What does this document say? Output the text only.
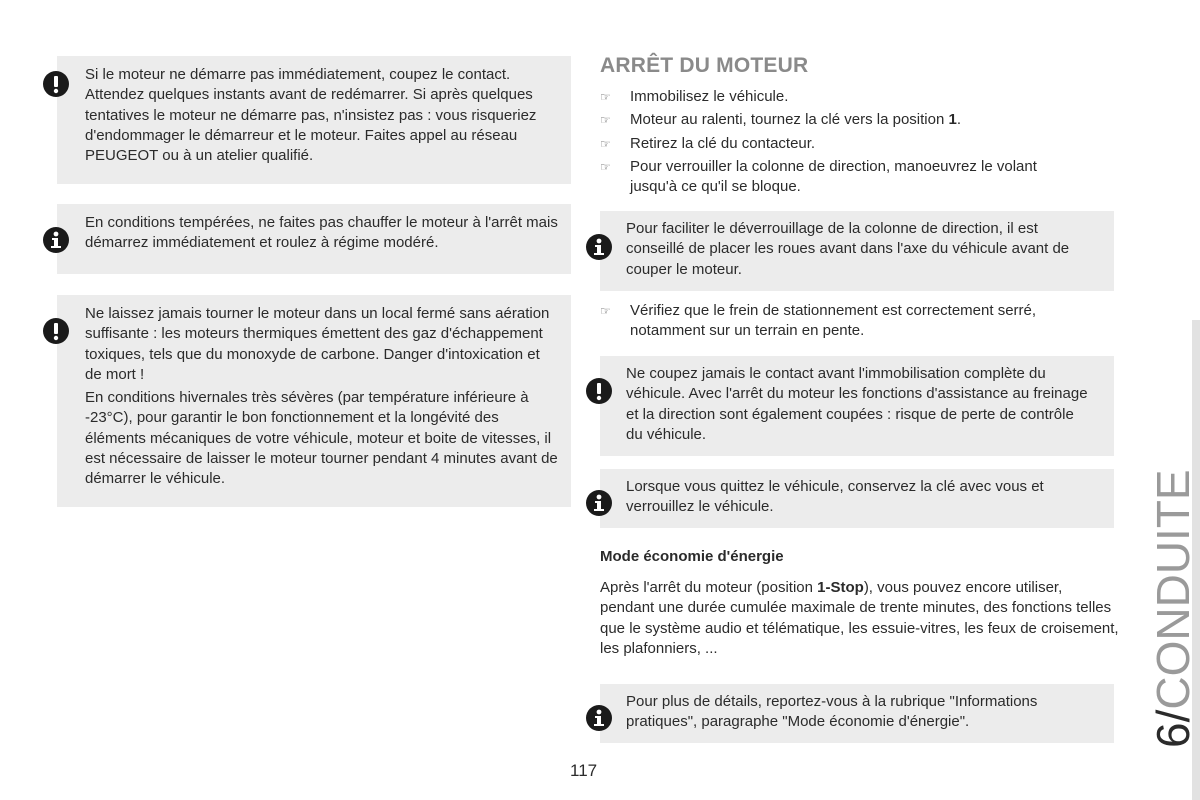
Si le moteur ne démarre pas immédiatement, coupez le contact. Attendez quelques instants avant de redémarrer. Si après quelques tentatives le moteur ne démarre pas, n'insistez pas : vous risqueriez d'endommager le démarreur et le moteur. Faites appel au réseau PEUGEOT ou à un atelier qualifié.

En conditions tempérées, ne faites pas chauffer le moteur à l'arrêt mais démarrez immédiatement et roulez à régime modéré.

Ne laissez jamais tourner le moteur dans un local fermé sans aération suffisante : les moteurs thermiques émettent des gaz d'échappement toxiques, tels que du monoxyde de carbone. Danger d'intoxication et de mort !

En conditions hivernales très sévères (par température inférieure à -23°C), pour garantir le bon fonctionnement et la longévité des éléments mécaniques de votre véhicule, moteur et boite de vitesses, il est nécessaire de laisser le moteur tourner pendant 4 minutes avant de démarrer le véhicule.

ARRÊT DU MOTEUR
☞	Immobilisez le véhicule.
☞	Moteur au ralenti, tournez la clé vers la position 1.
☞	Retirez la clé du contacteur.
☞	Pour verrouiller la colonne de direction, manoeuvrez le volant jusqu'à ce qu'il se bloque.
Pour faciliter le déverrouillage de la colonne de direction, il est conseillé de placer les roues avant dans l'axe du véhicule avant de couper le moteur.
☞	Vérifiez que le frein de stationnement est correctement serré, notamment sur un terrain en pente.
Ne coupez jamais le contact avant l'immobilisation complète du véhicule. Avec l'arrêt du moteur les fonctions d'assistance au freinage et la direction sont également coupées : risque de perte de contrôle du véhicule.
Lorsque vous quittez le véhicule, conservez la clé avec vous et verrouillez le véhicule.
Mode économie d'énergie
Après l'arrêt du moteur (position 1-Stop), vous pouvez encore utiliser, pendant une durée cumulée maximale de trente minutes, des fonctions telles que le système audio et télématique, les essuie-vitres, les feux de croisement, les plafonniers, ...
Pour plus de détails, reportez-vous à la rubrique "Informations pratiques", paragraphe "Mode économie d'énergie".
117
6/CONDUITE
